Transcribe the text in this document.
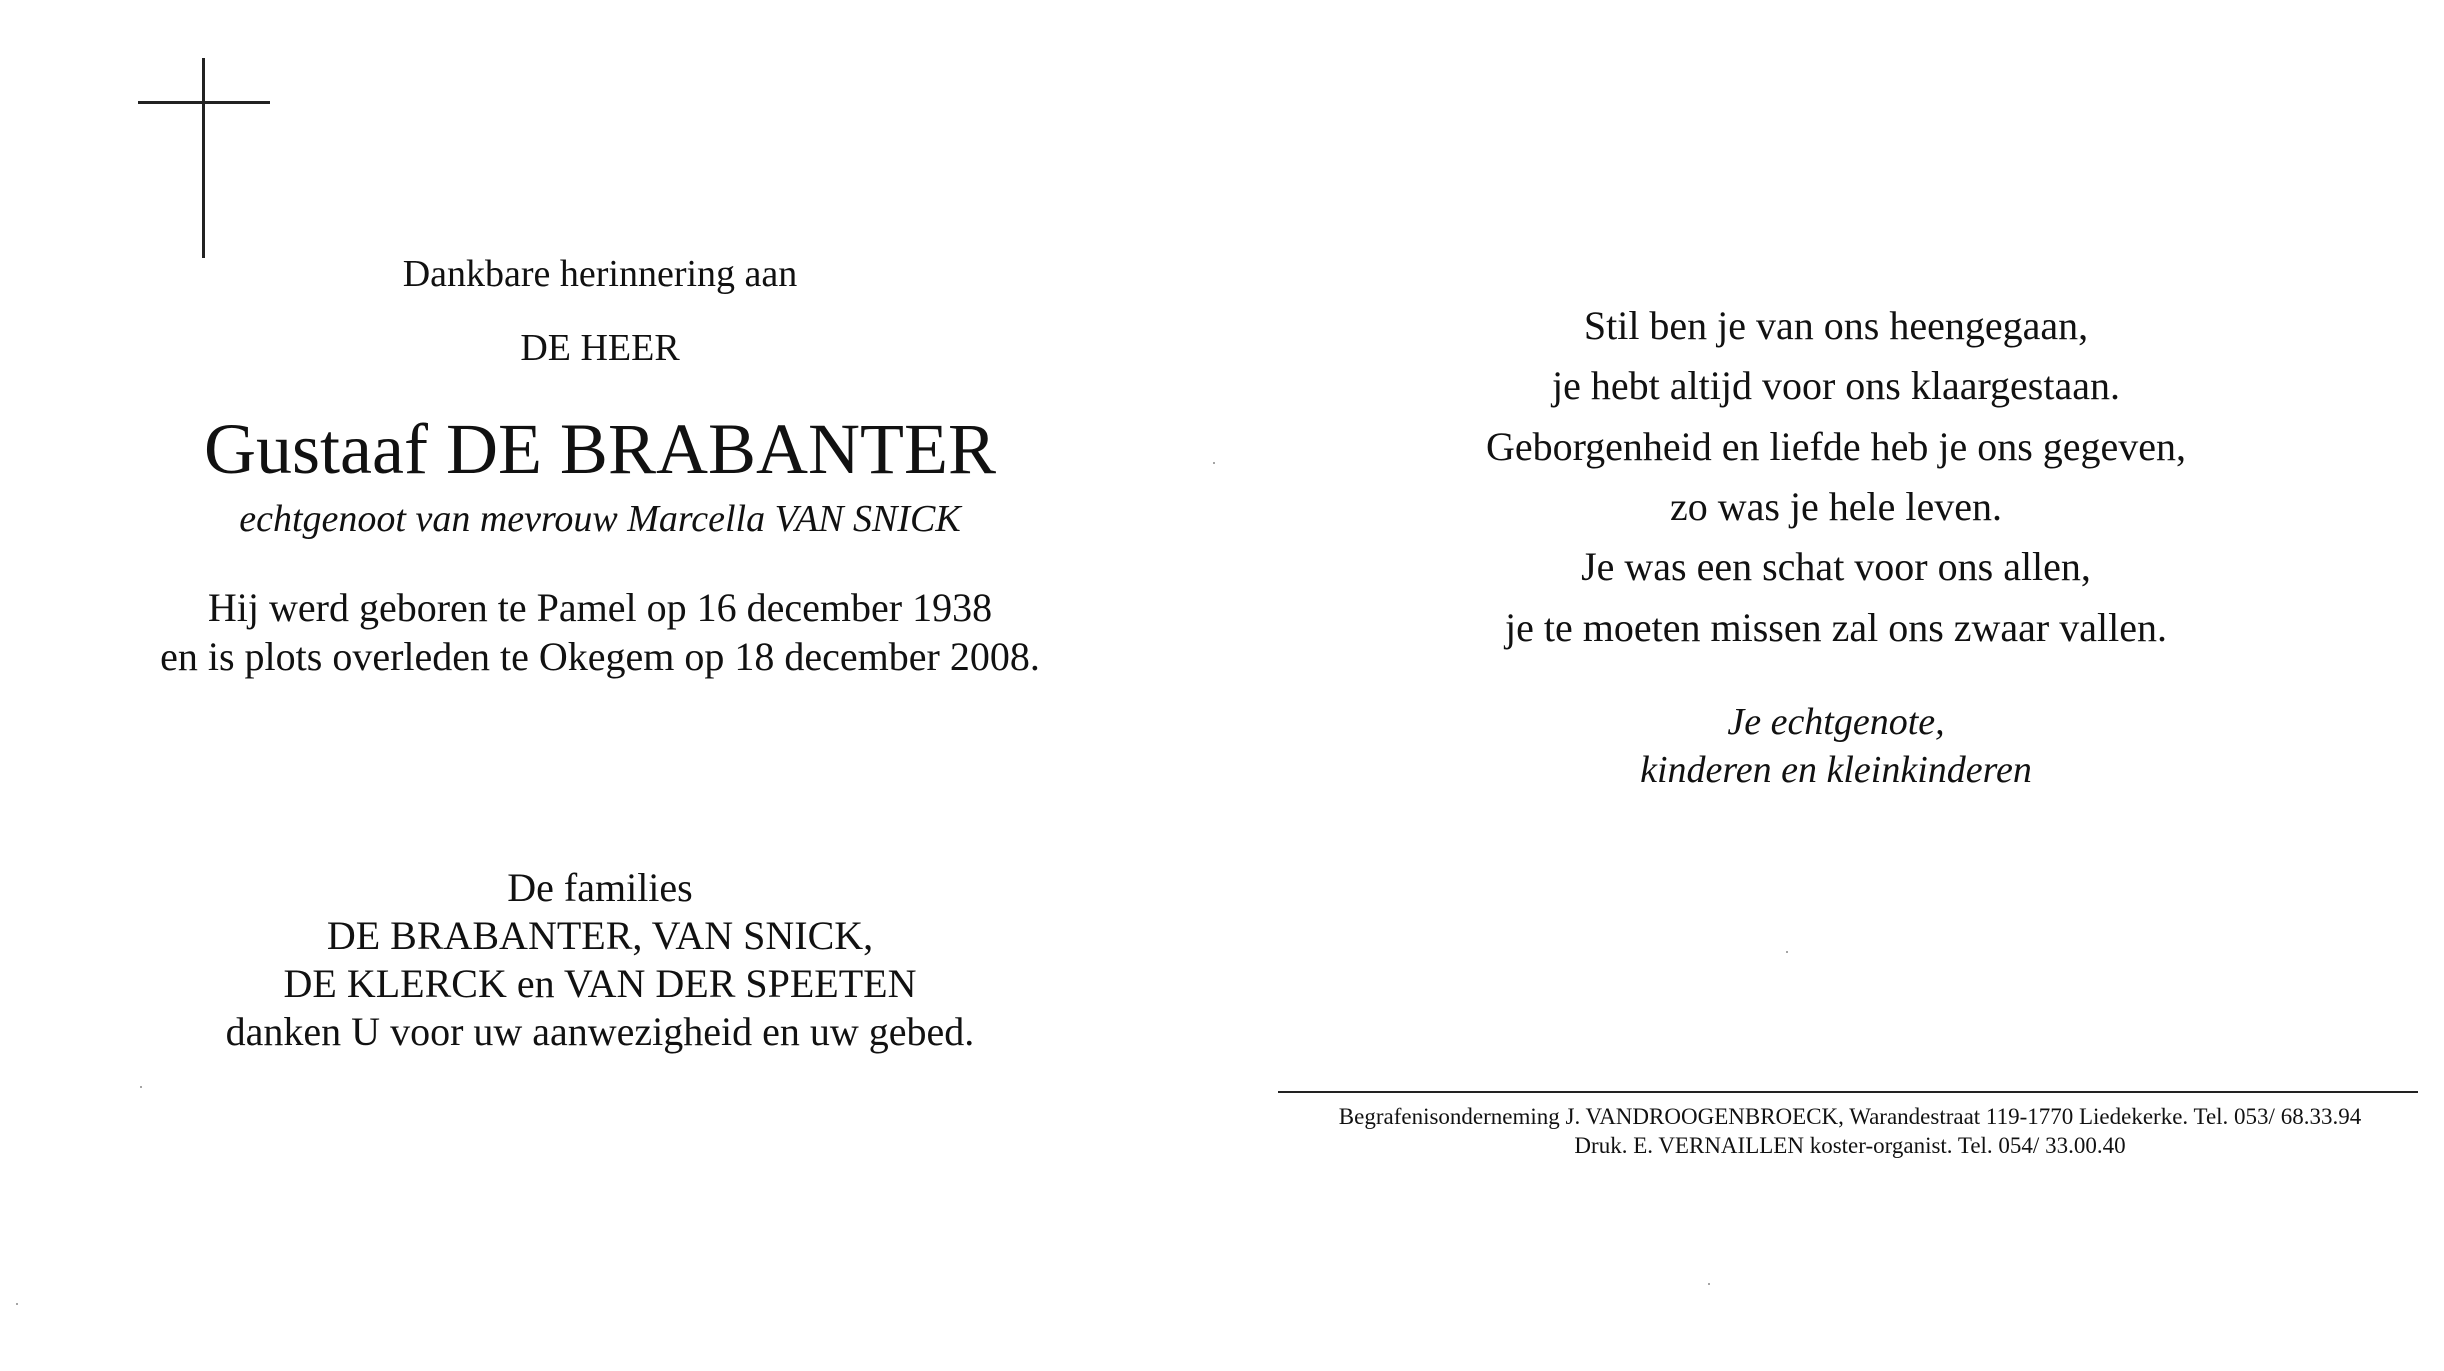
Dankbare herinnering aan
DE HEER
Gustaaf DE BRABANTER
echtgenoot van mevrouw Marcella VAN SNICK
Hij werd geboren te Pamel op 16 december 1938
en is plots overleden te Okegem op 18 december 2008.
De families
DE BRABANTER, VAN SNICK,
DE KLERCK en VAN DER SPEETEN
danken U voor uw aanwezigheid en uw gebed.
Stil ben je van ons heengegaan,
je hebt altijd voor ons klaargestaan.
Geborgenheid en liefde heb je ons gegeven,
zo was je hele leven.
Je was een schat voor ons allen,
je te moeten missen zal ons zwaar vallen.
Je echtgenote,
kinderen en kleinkinderen
Begrafenisonderneming J. VANDROOGENBROECK, Warandestraat 119-1770 Liedekerke. Tel. 053/ 68.33.94
Druk. E. VERNAILLEN koster-organist. Tel. 054/ 33.00.40
